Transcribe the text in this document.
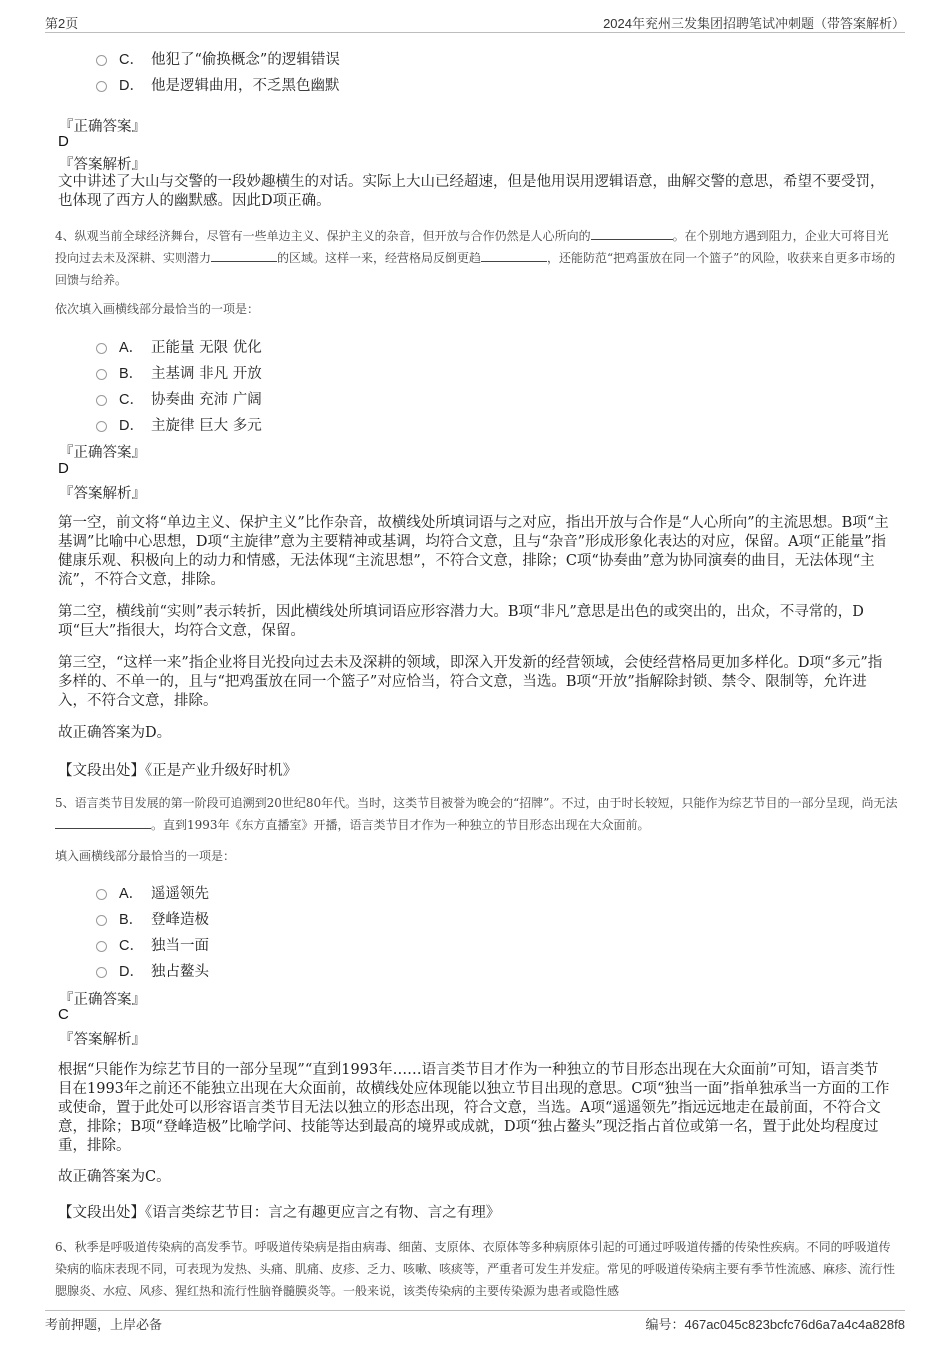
第2页	2024年兖州三发集团招聘笔试冲刺题（带答案解析）
C． 他犯了“偷换概念”的逻辑错误
D． 他是逻辑曲用，不乏黑色幽默
『正确答案』
D
『答案解析』
文中讲述了大山与交警的一段妙趣横生的对话。实际上大山已经超速，但是他用误用逻辑语意，曲解交警的意思，希望不要受罚，也体现了西方人的幽默感。因此D项正确。
4、纵观当前全球经济舞台，尽管有一些单边主义、保护主义的杂音，但开放与合作仍然是人心所向的	。在个别地方遇到阻力，企业大可将目光投向过去未及深耕、实则潜力	的区域。这样一来，经营格局反倒更趋	，还能防范“把鸡蛋放在同一个篮子”的风险，收获来自更多市场的回馈与给养。
依次填入画横线部分最恰当的一项是：
A． 正能量 无限 优化
B． 主基调 非凡 开放
C． 协奏曲 充沛 广阔
D． 主旋律 巨大 多元
『正确答案』
D
『答案解析』
第一空，前文将“单边主义、保护主义”比作杂音，故横线处所填词语与之对应，指出开放与合作是“人心所向”的主流思想。B项“主基调”比喻中心思想，D项“主旋律”意为主要精神或基调，均符合文意，且与“杂音”形成形象化表达的对应，保留。A项“正能量”指健康乐观、积极向上的动力和情感，无法体现“主流思想”，不符合文意，排除；C项“协奏曲”意为协同演奏的曲目，无法体现“主流”，不符合文意，排除。
第二空，横线前“实则”表示转折，因此横线处所填词语应形容潜力大。B项“非凡”意思是出色的或突出的，出众，不寻常的，D项“巨大”指很大，均符合文意，保留。
第三空，“这样一来”指企业将目光投向过去未及深耕的领域，即深入开发新的经营领域，会使经营格局更加多样化。D项“多元”指多样的、不单一的，且与“把鸡蛋放在同一个篮子”对应恰当，符合文意，当选。B项“开放”指解除封锁、禁令、限制等，允许进入，不符合文意，排除。
故正确答案为D。
【文段出处】《正是产业升级好时机》
5、语言类节目发展的第一阶段可追溯到20世纪80年代。当时，这类节目被誉为晚会的“招牌”。不过，由于时长较短，只能作为综艺节目的一部分呈现，尚无法。直到1993年《东方直播室》开播，语言类节目才作为一种独立的节目形态出现在大众面前。
填入画横线部分最恰当的一项是：
A． 遥遥领先
B． 登峰造极
C． 独当一面
D． 独占鳌头
『正确答案』
C
『答案解析』
根据“只能作为综艺节目的一部分呈现”“直到1993年……语言类节目才作为一种独立的节目形态出现在大众面前”可知，语言类节目在1993年之前还不能独立出现在大众面前，故横线处应体现能以独立节目出现的意思。C项“独当一面”指单独承当一方面的工作或使命，置于此处可以形容语言类节目无法以独立的形态出现，符合文意，当选。A项“遥遥领先”指远远地走在最前面，不符合文意，排除；B项“登峰造极”比喻学问、技能等达到最高的境界或成就，D项“独占鳌头”现泛指占首位或第一名，置于此处均程度过重，排除。
故正确答案为C。
【文段出处】《语言类综艺节目：言之有趣更应言之有物、言之有理》
6、秋季是呼吸道传染病的高发季节。呼吸道传染病是指由病毒、细菌、支原体、衣原体等多种病原体引起的可通过呼吸道传播的传染性疾病。不同的呼吸道传染病的临床表现不同，可表现为发热、头痛、肌痛、皮疹、乏力、咳嗽、咳痰等，严重者可发生并发症。常见的呼吸道传染病主要有季节性流感、麻疹、流行性腮腺炎、水痘、风疹、猩红热和流行性脑脊髓膜炎等。一般来说，该类传染病的主要传染源为患者或隐性感
考前押题，上岸必备	编号：467ac045c823bcfc76d6a7a4c4a828f8
